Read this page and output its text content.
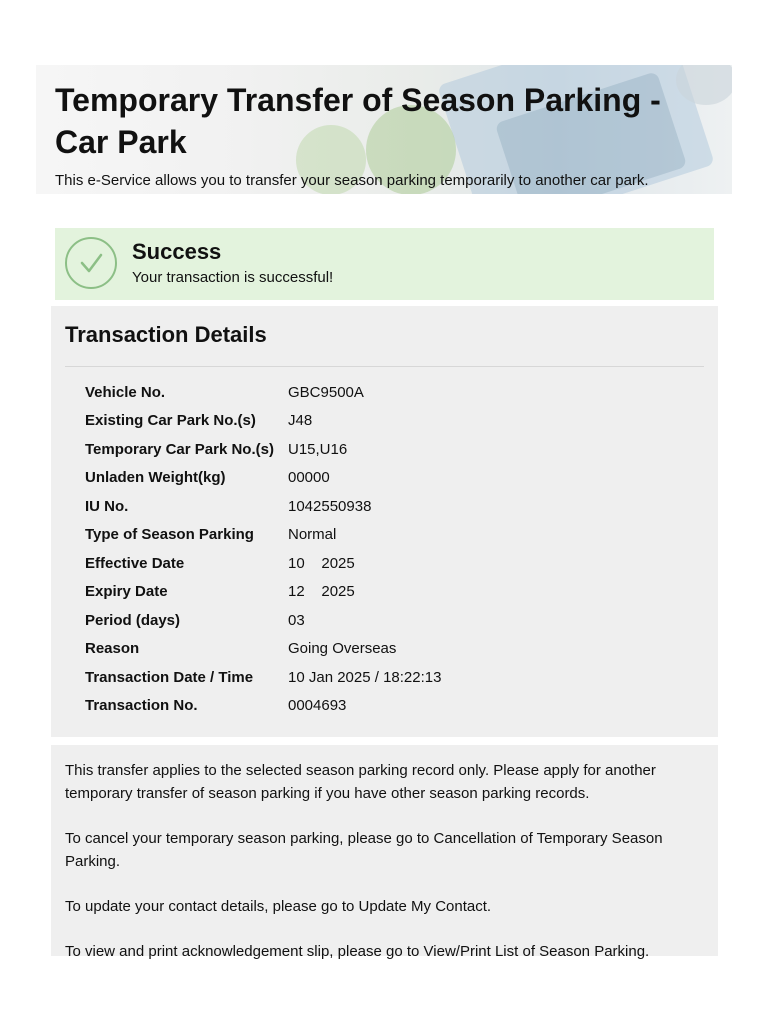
Temporary Transfer of Season Parking - Car Park

This e-Service allows you to transfer your season parking temporarily to another car park.

Success
Your transaction is successful!
Transaction Details
Vehicle No.	GBC9500A
Existing Car Park No.(s)	J48
Temporary Car Park No.(s) U15,U16
Unladen Weight(kg)	00000
IU No.	1042550938
Type of Season Parking	Normal
Effective Date	10    2025
Expiry Date	12    2025
Period (days)	03
Reason	Going Overseas
Transaction Date / Time	10 Jan 2025 / 18:22:13
Transaction No.	0004693

This transfer applies to the selected season parking record only. Please apply for another temporary transfer of season parking if you have other season parking records.

To cancel your temporary season parking, please go to Cancellation of Temporary Season Parking.

To update your contact details, please go to Update My Contact.

To view and print acknowledgement slip, please go to View/Print List of Season Parking.
